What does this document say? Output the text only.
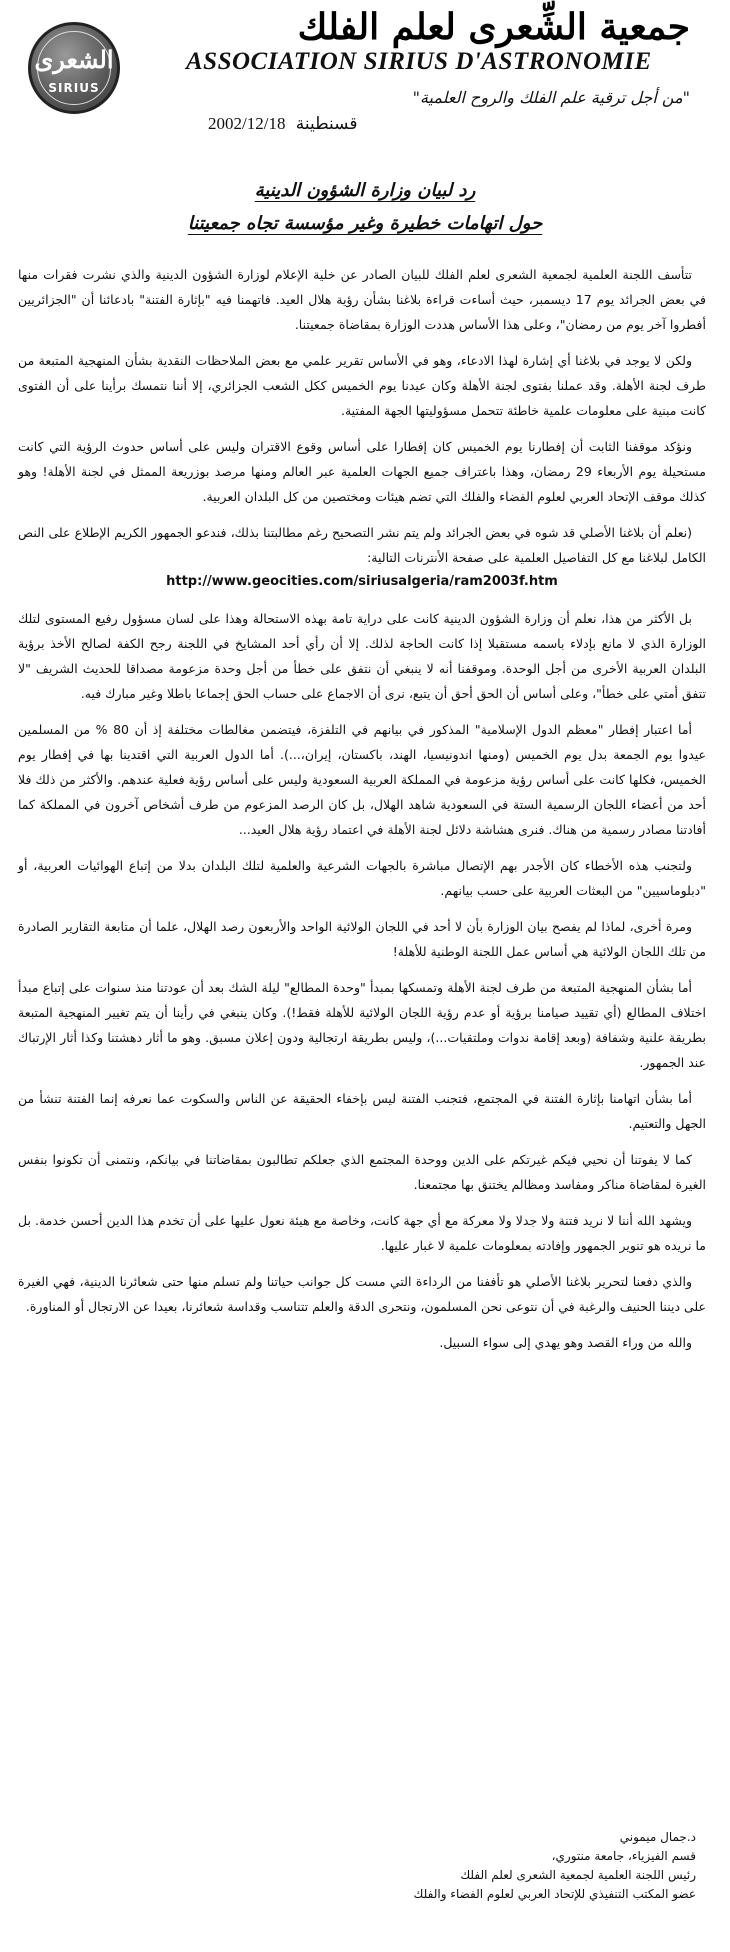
الشعرى
SIRIUS
جمعية الشِّعرى لعلم الفلك
ASSOCIATION SIRIUS D'ASTRONOMIE
"من أجل ترقية علم الفلك والروح العلمية"
2002/12/18 قسنطينة
رد لبيان وزارة الشؤون الدينية
حول اتهامات خطيرة وغير مؤسسة تجاه جمعيتنا

تتأسف اللجنة العلمية لجمعية الشعرى لعلم الفلك للبيان الصادر عن خلية الإعلام لوزارة الشؤون الدينية والذي نشرت فقرات منها في بعض الجرائد يوم 17 ديسمبر، حيث أساءت قراءة بلاغنا بشأن رؤية هلال العيد. فاتهمنا فيه "بإثارة الفتنة" بادعائنا أن "الجزائريين أفطروا آخر يوم من رمضان"، وعلى هذا الأساس هددت الوزارة بمقاضاة جمعيتنا.

ولكن لا يوجد في بلاغنا أي إشارة لهذا الادعاء، وهو في الأساس تقرير علمي مع بعض الملاحظات النقدية بشأن المنهجية المتبعة من طرف لجنة الأهلة. وقد عملنا بفتوى لجنة الأهلة وكان عيدنا يوم الخميس ككل الشعب الجزائري، إلا أننا نتمسك برأينا على أن الفتوى كانت مبنية على معلومات علمية خاطئة تتحمل مسؤوليتها الجهة المفتية.

ونؤكد موقفنا الثابت أن إفطارنا يوم الخميس كان إفطارا على أساس وقوع الاقتران وليس على أساس حدوث الرؤية التي كانت مستحيلة يوم الأربعاء 29 رمضان، وهذا باعتراف جميع الجهات العلمية عبر العالم ومنها مرصد بوزريعة الممثل في لجنة الأهلة! وهو كذلك موقف الإتحاد العربي لعلوم الفضاء والفلك التي تضم هيئات ومختصين من كل البلدان العربية.

(نعلم أن بلاغنا الأصلي قد شوه في بعض الجرائد ولم يتم نشر التصحيح رغم مطالبتنا بذلك، فندعو الجمهور الكريم الإطلاع على النص الكامل لبلاغنا مع كل التفاصيل العلمية على صفحة الأنترنات التالية:

http://www.geocities.com/siriusalgeria/ram2003f.htm

بل الأكثر من هذا، نعلم أن وزارة الشؤون الدينية كانت على دراية تامة بهذه الاستحالة وهذا على لسان مسؤول رفيع المستوى لتلك الوزارة الذي لا مانع بإدلاء باسمه مستقبلا إذا كانت الحاجة لذلك. إلا أن رأي أحد المشايخ في اللجنة رجح الكفة لصالح الأخذ برؤية البلدان العربية الأخرى من أجل الوحدة. وموقفنا أنه لا ينبغي أن نتفق على خطأ من أجل وحدة مزعومة مصداقا للحديث الشريف "لا تتفق أمتي على خطأ"، وعلى أساس أن الحق أحق أن يتبع، نرى أن الاجماع على حساب الحق إجماعا باطلا وغير مبارك فيه.

أما اعتبار إفطار "معظم الدول الإسلامية" المذكور في بيانهم في التلفزة، فيتضمن مغالطات مختلفة إذ أن 80 % من المسلمين عيدوا يوم الجمعة بدل يوم الخميس (ومنها اندونيسيا، الهند، باكستان، إيران،...). أما الدول العربية التي اقتدينا بها في إفطار يوم الخميس، فكلها كانت على أساس رؤية مزعومة في المملكة العربية السعودية وليس على أساس رؤية فعلية عندهم. والأكثر من ذلك فلا أحد من أعضاء اللجان الرسمية الستة في السعودية شاهد الهلال، بل كان الرصد المزعوم من طرف أشخاص آخرون في المملكة كما أفادتنا مصادر رسمية من هناك. فنرى هشاشة دلائل لجنة الأهلة في اعتماد رؤية هلال العيد...

ولتجنب هذه الأخطاء كان الأجدر بهم الإتصال مباشرة بالجهات الشرعية والعلمية لتلك البلدان بدلا من إتباع الهوائيات العربية، أو "دبلوماسيين" من البعثات العربية على حسب بيانهم.

ومرة أخرى، لماذا لم يفصح بيان الوزارة بأن لا أحد في اللجان الولائية الواحد والأربعون رصد الهلال، علما أن متابعة التقارير الصادرة من تلك اللجان الولائية هي أساس عمل اللجنة الوطنية للأهلة!

أما بشأن المنهجية المتبعة من طرف لجنة الأهلة وتمسكها بمبدأ "وحدة المطالع" ليلة الشك بعد أن عودتنا منذ سنوات على إتباع مبدأ اختلاف المطالع (أي تقييد صيامنا برؤية أو عدم رؤية اللجان الولائية للأهلة فقط!). وكان ينبغي في رأينا أن يتم تغيير المنهجية المتبعة بطريقة علنية وشفافة (وبعد إقامة ندوات وملتقيات...)، وليس بطريقة ارتجالية ودون إعلان مسبق. وهو ما أثار دهشتنا وكذا أثار الإرتباك عند الجمهور.

أما بشأن اتهامنا بإثارة الفتنة في المجتمع، فتجنب الفتنة ليس بإخفاء الحقيقة عن الناس والسكوت عما نعرفه إنما الفتنة تنشأ من الجهل والتعتيم.

كما لا يفوتنا أن نحيي فيكم غيرتكم على الدين ووحدة المجتمع الذي جعلكم تطالبون بمقاضاتنا في بيانكم، ونتمنى أن تكونوا بنفس الغيرة لمقاضاة مناكر ومفاسد ومظالم يختنق بها مجتمعنا.

ويشهد الله أننا لا نريد فتنة ولا جدلا ولا معركة مع أي جهة كانت، وخاصة مع هيئة نعول عليها على أن تخدم هذا الدين أحسن خدمة. بل ما نريده هو تنوير الجمهور وإفادته بمعلومات علمية لا غبار عليها.

والذي دفعنا لتحرير بلاغنا الأصلي هو تأففنا من الرداءة التي مست كل جوانب حياتنا ولم تسلم منها حتى شعائرنا الدينية، فهي الغيرة على ديننا الحنيف والرغبة في أن نتوعى نحن المسلمون، ونتحرى الدقة والعلم تتناسب وقداسة شعائرنا، بعيدا عن الارتجال أو المناورة.

والله من وراء القصد وهو يهدي إلى سواء السبيل.

د.جمال ميموني
قسم الفيزياء، جامعة منتوري،
رئيس اللجنة العلمية لجمعية الشعرى لعلم الفلك
عضو المكتب التنفيذي للإتحاد العربي لعلوم الفضاء والفلك
